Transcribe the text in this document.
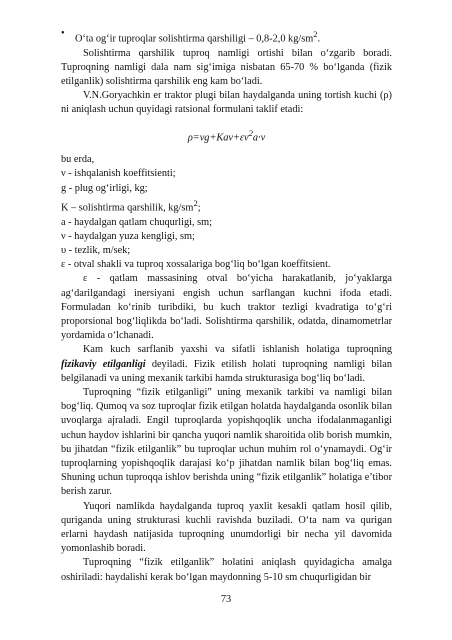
• O‘ta og‘ir tuproqlar solishtirma qarshiligi – 0,8-2,0 $kg/sm^2$.

Solishtirma qarshilik tuproq namligi ortishi bilan o‘zgarib boradi. Tuproqning namligi dala nam sig‘imiga nisbatan 65-70 % bo‘lganda (fizik etilganlik) solishtirma qarshilik eng kam bo‘ladi.

V.N.Goryachkin er traktor plugi bilan haydalganda uning tortish kuchi (ρ) ni aniqlash uchun quyidagi ratsional formulani taklif etadi:

$\rho=\nu g+Ka\nu+\varepsilon\nu^2a\cdot\nu$

bu erda,

ν - ishqalanish koeffitsienti;

g - plug og‘irligi, kg;

K – solishtirma qarshilik, $kg/sm^2$;

a - haydalgan qatlam chuqurligi, sm;

ν - haydalgan yuza kengligi, sm;

υ - tezlik, m/sek;

ε - otval shakli va tuproq xossalariga bog‘liq bo‘lgan koeffitsient.

ε - qatlam massasining otval bo‘yicha harakatlanib, jo‘yaklarga ag‘darilgandagi inersiyani engish uchun sarflangan kuchni ifoda etadi. Formuladan ko‘rinib turibdiki, bu kuch traktor tezligi kvadratiga to‘g‘ri proporsional bog‘liqlikda bo‘ladi. Solishtirma qarshilik, odatda, dinamometrlar yordamida o‘lchanadi.

Kam kuch sarflanib yaxshi va sifatli ishlanish holatiga tuproqning fizikaviy etilganligi deyiladi. Fizik etilish holati tuproqning namligi bilan belgilanadi va uning mexanik tarkibi hamda strukturasiga bog‘liq bo‘ladi.

Tuproqning “fizik etilganligi” uning mexanik tarkibi va namligi bilan bog‘liq. Qumoq va soz tuproqlar fizik etilgan holatda haydalganda osonlik bilan uvoqlarga ajraladi. Engil tuproqlarda yopishqoqlik uncha ifodalanmaganligi uchun haydov ishlarini bir qancha yuqori namlik sharoitida olib borish mumkin, bu jihatdan “fizik etilganlik” bu tuproqlar uchun muhim rol o‘ynamaydi. Og‘ir tuproqlarning yopishqoqlik darajasi ko‘p jihatdan namlik bilan bog‘liq emas. Shuning uchun tuproqqa ishlov berishda uning “fizik etilganlik” holatiga e’tibor berish zarur.

Yuqori namlikda haydalganda tuproq yaxlit kesakli qatlam hosil qilib, quriganda uning strukturasi kuchli ravishda buziladi. O‘ta nam va qurigan erlarni haydash natijasida tuproqning unumdorligi bir necha yil davomida yomonlashib boradi.

Tuproqning “fizik etilganlik” holatini aniqlash quyidagicha amalga oshiriladi: haydalishi kerak bo‘lgan maydonning 5-10 sm chuqurligidan bir

73
